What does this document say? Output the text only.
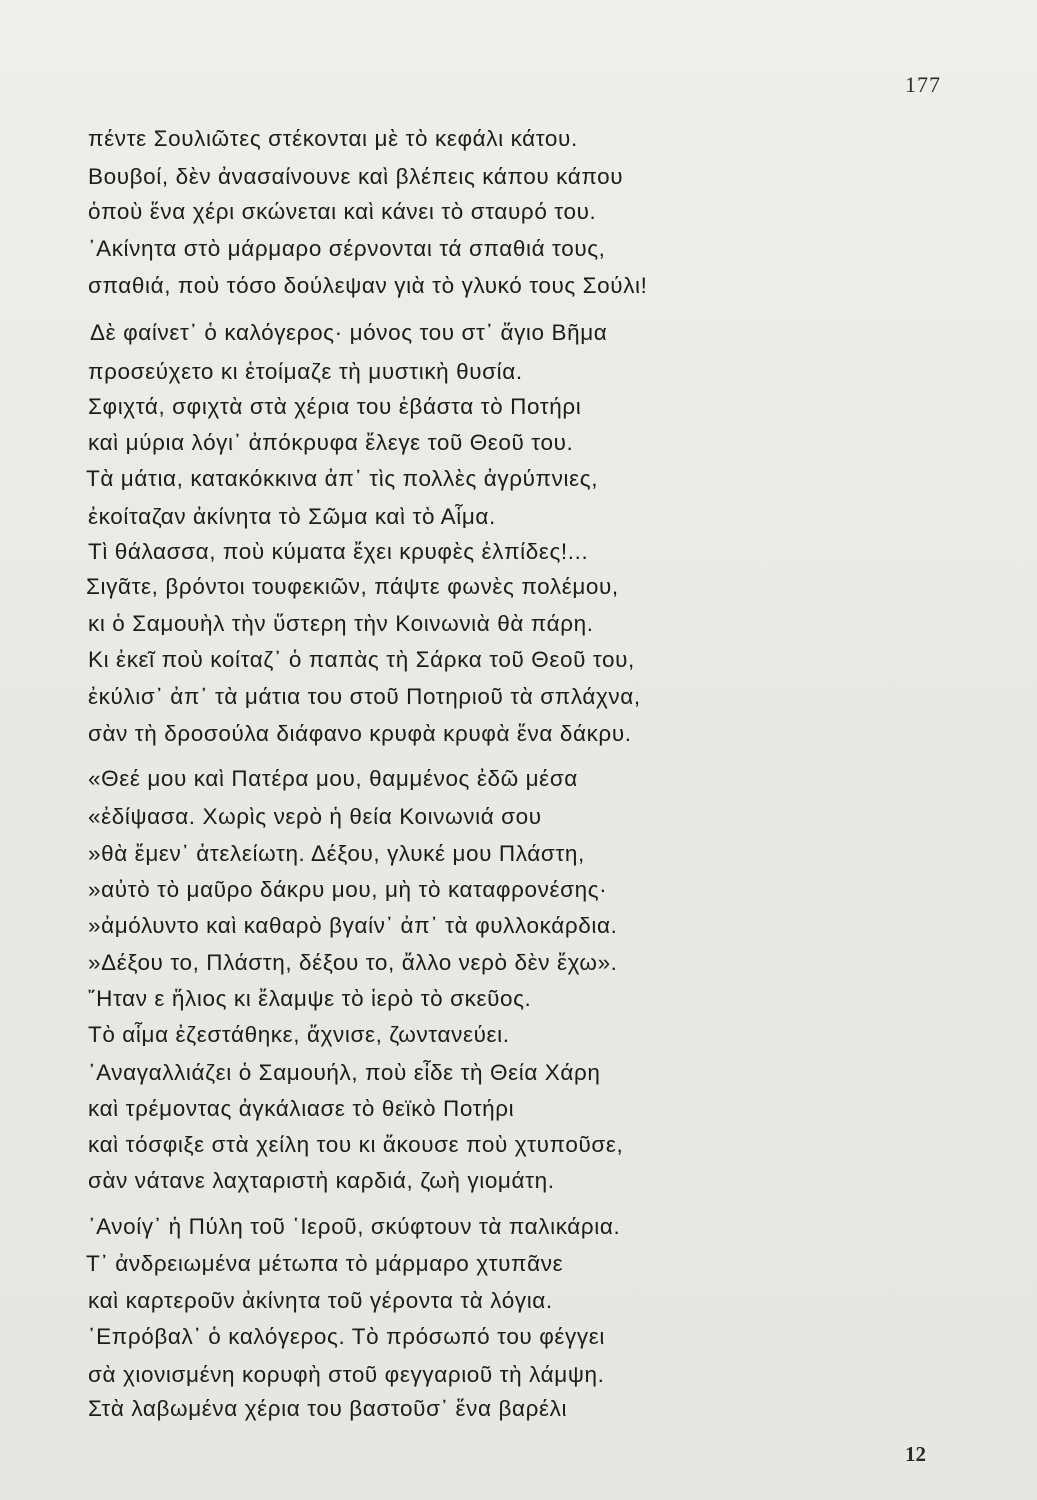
177
πέντε Σουλιῶτες στέκονται μὲ τὸ κεφάλι κάτου.
Βουβοί, δὲν ἀνασαίνουνε καὶ βλέπεις κάπου κάπου
ὁποὺ ἕνα χέρι σκώνεται καὶ κάνει τὸ σταυρό του.
᾽Ακίνητα στὸ μάρμαρο σέρνονται τά σπαθιά τους,
σπαθιά, ποὺ τόσο δούλεψαν γιὰ τὸ γλυκό τους Σούλι!
Δὲ φαίνετ᾽ ὁ καλόγερος· μόνος του στ᾽ ἅγιο Βῆμα
προσεύχετο κι ἑτοίμαζε τὴ μυστικὴ θυσία.
Σφιχτά, σφιχτὰ στὰ χέρια του ἐβάστα τὸ Ποτήρι
καὶ μύρια λόγι᾽ ἀπόκρυφα ἔλεγε τοῦ Θεοῦ του.
Τὰ μάτια, κατακόκκινα ἀπ᾽ τὶς πολλὲς ἀγρύπνιες,
ἐκοίταζαν ἀκίνητα τὸ Σῶμα καὶ τὸ Αἷμα.
Τὶ θάλασσα, ποὺ κύματα ἔχει κρυφὲς ἐλπίδες!...
Σιγᾶτε, βρόντοι τουφεκιῶν, πάψτε φωνὲς πολέμου,
κι ὁ Σαμουὴλ τὴν ὕστερη τὴν Κοινωνιὰ θὰ πάρη.
Κι ἐκεῖ ποὺ κοίταζ᾽ ὁ παπὰς τὴ Σάρκα τοῦ Θεοῦ του,
ἐκύλισ᾽ ἀπ᾽ τὰ μάτια του στοῦ Ποτηριοῦ τὰ σπλάχνα,
σὰν τὴ δροσούλα διάφανο κρυφὰ κρυφὰ ἕνα δάκρυ.
«Θεέ μου καὶ Πατέρα μου, θαμμένος ἐδῶ μέσα
«ἐδίψασα. Χωρὶς νερὸ ἡ θεία Κοινωνιά σου
»θὰ ἔμεν᾽ ἀτελείωτη. Δέξου, γλυκέ μου Πλάστη,
»αὐτὸ τὸ μαῦρο δάκρυ μου, μὴ τὸ καταφρονέσης·
»ἀμόλυντο καὶ καθαρὸ βγαίν᾽ ἀπ᾽ τὰ φυλλοκάρδια.
»Δέξου το, Πλάστη, δέξου το, ἄλλο νερὸ δὲν ἔχω».
῎Ηταν ε ἥλιος κι ἔλαμψε τὸ ἱερὸ τὸ σκεῦος.
Τὸ αἷμα ἐζεστάθηκε, ἄχνισε, ζωντανεύει.
᾽Αναγαλλιάζει ὁ Σαμουήλ, ποὺ εἶδε τὴ Θεία Χάρη
καὶ τρέμοντας ἀγκάλιασε τὸ θεϊκὸ Ποτήρι
καὶ τόσφιξε στὰ χείλη του κι ἄκουσε ποὺ χτυποῦσε,
σὰν νάτανε λαχταριστὴ καρδιά, ζωὴ γιομάτη.
᾽Ανοίγ᾽ ἡ Πύλη τοῦ ῾Ιεροῦ, σκύφτουν τὰ παλικάρια.
Τ᾽ ἀνδρειωμένα μέτωπα τὸ μάρμαρο χτυπᾶνε
καὶ καρτεροῦν ἀκίνητα τοῦ γέροντα τὰ λόγια.
῾Επρόβαλ᾽ ὁ καλόγερος. Τὸ πρόσωπό του φέγγει
σὰ χιονισμένη κορυφὴ στοῦ φεγγαριοῦ τὴ λάμψη.
Στὰ λαβωμένα χέρια του βαστοῦσ᾽ ἕνα βαρέλι
12
